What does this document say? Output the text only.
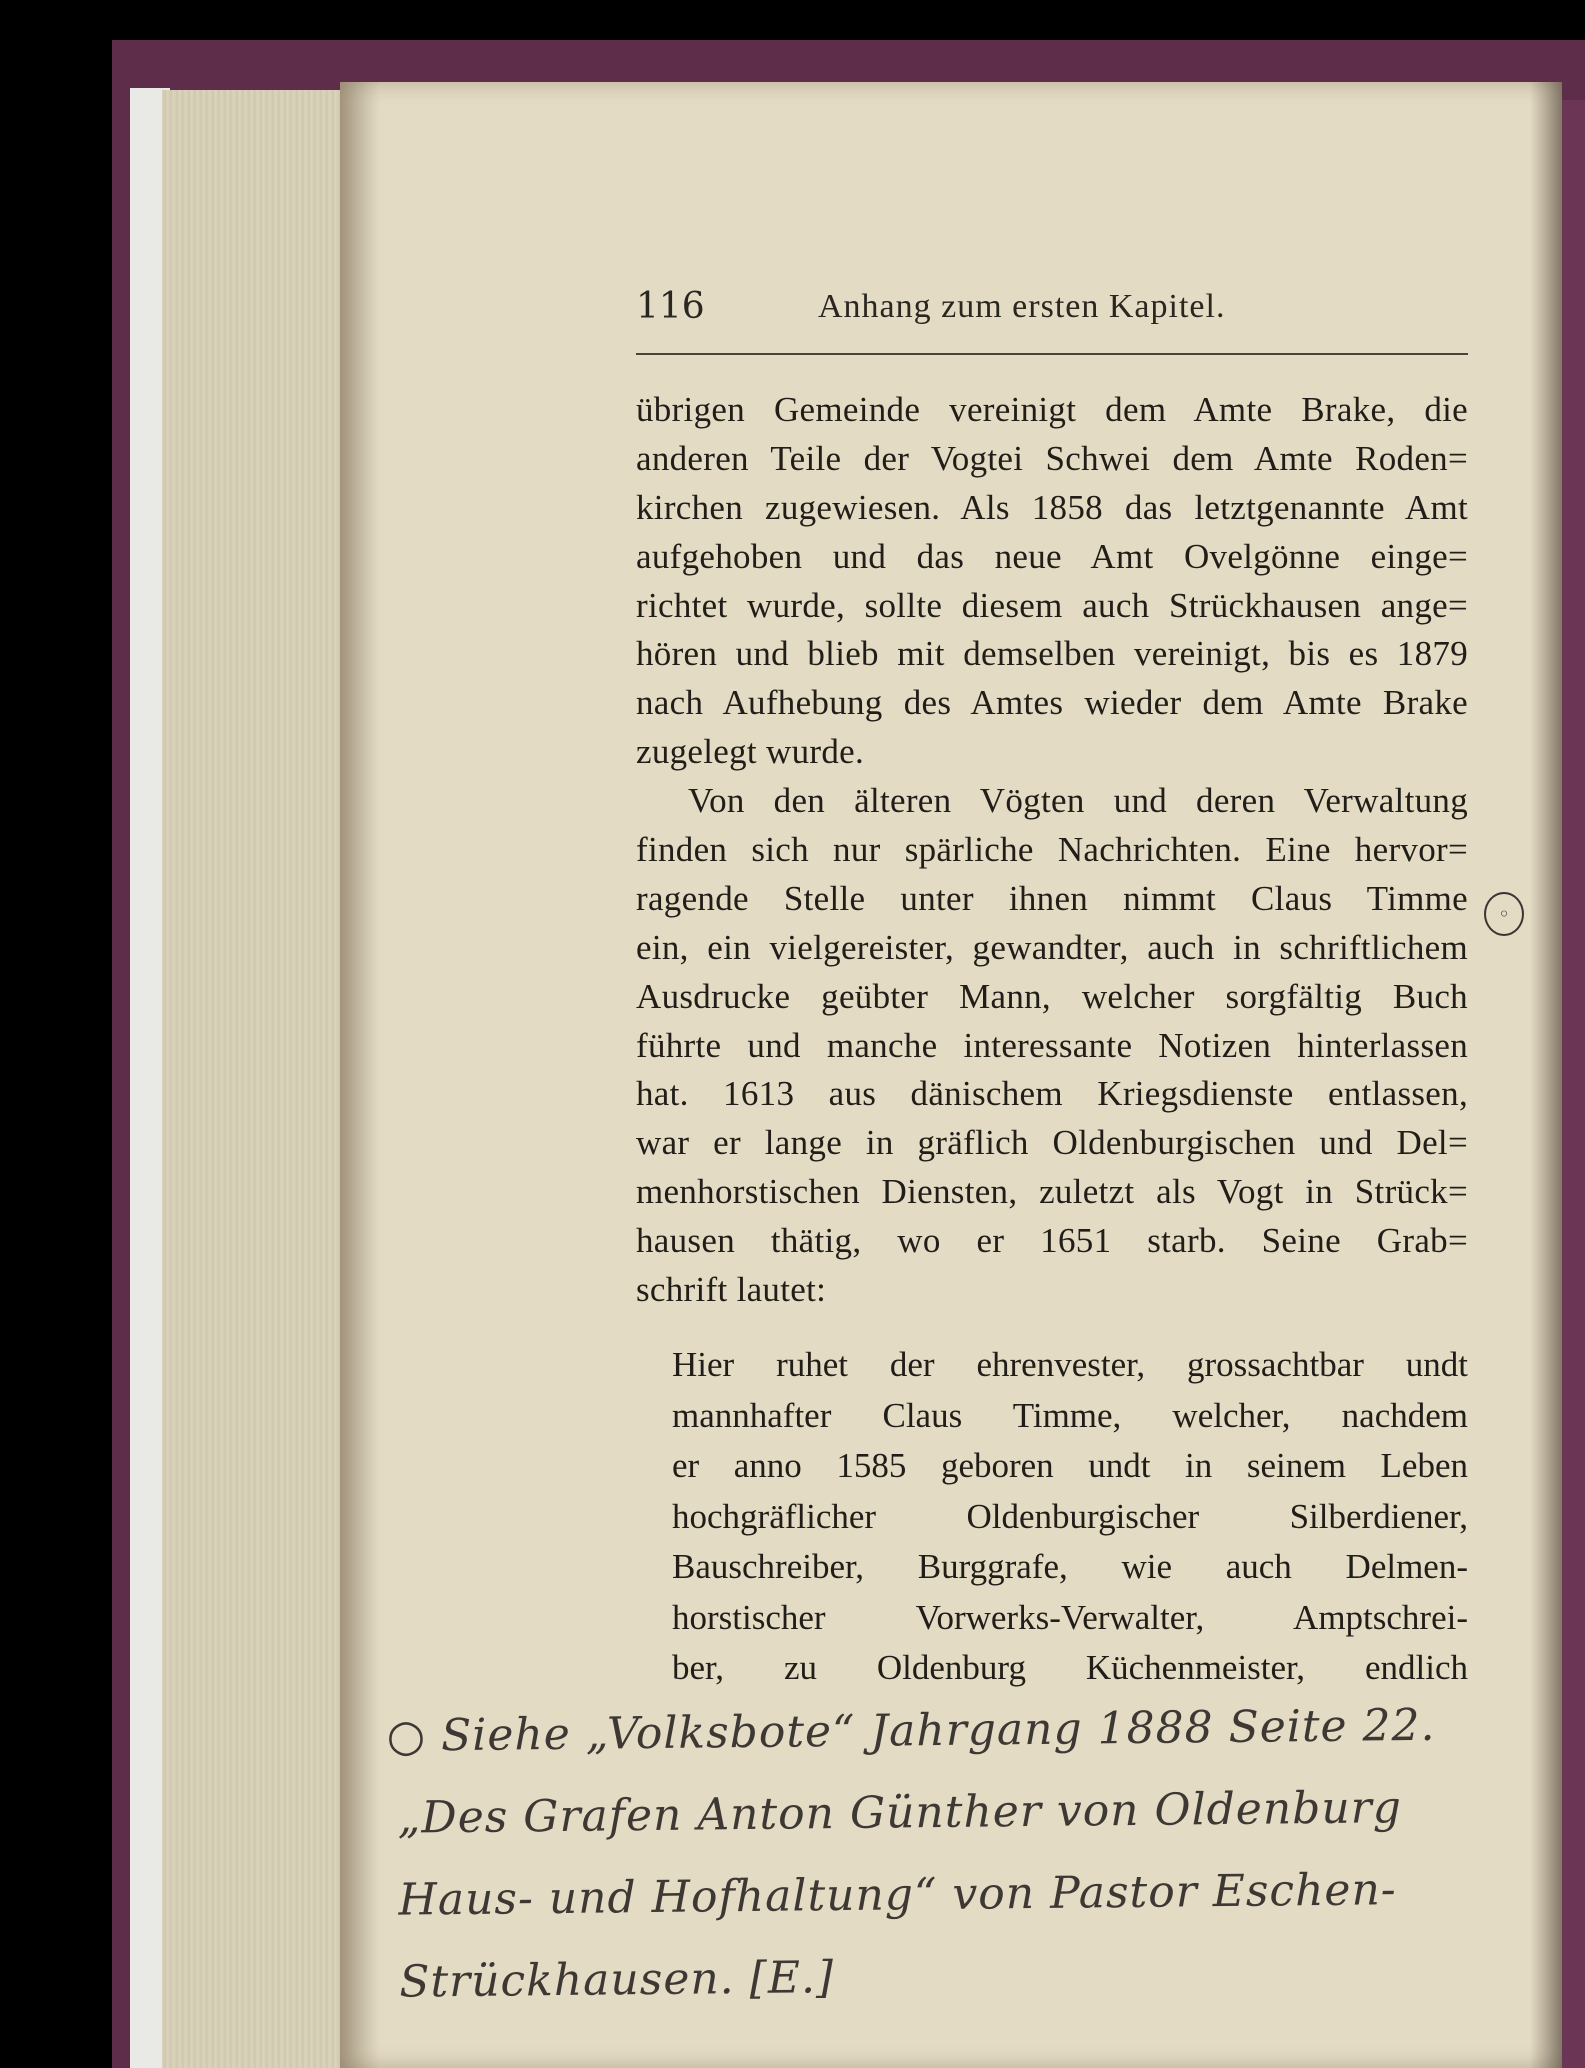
116	Anhang zum ersten Kapitel.
übrigen Gemeinde vereinigt dem Amte Brake, die
anderen Teile der Vogtei Schwei dem Amte Roden=
kirchen zugewiesen. Als 1858 das letztgenannte Amt
aufgehoben und das neue Amt Ovelgönne einge=
richtet wurde, sollte diesem auch Strückhausen ange=
hören und blieb mit demselben vereinigt, bis es 1879
nach Aufhebung des Amtes wieder dem Amte Brake
zugelegt wurde.
Von den älteren Vögten und deren Verwaltung
finden sich nur spärliche Nachrichten. Eine hervor=
ragende Stelle unter ihnen nimmt Claus Timme
ein, ein vielgereister, gewandter, auch in schriftlichem
Ausdrucke geübter Mann, welcher sorgfältig Buch
führte und manche interessante Notizen hinterlassen
hat. 1613 aus dänischem Kriegsdienste entlassen,
war er lange in gräflich Oldenburgischen und Del=
menhorstischen Diensten, zuletzt als Vogt in Strück=
hausen thätig, wo er 1651 starb. Seine Grab=
schrift lautet:
◦
Hier ruhet der ehrenvester, grossachtbar undt
mannhafter Claus Timme, welcher, nachdem
er anno 1585 geboren undt in seinem Leben
hochgräflicher Oldenburgischer Silberdiener,
Bauschreiber, Burggrafe, wie auch Delmen-
horstischer Vorwerks-Verwalter, Amptschrei-
ber, zu Oldenburg Küchenmeister, endlich
○ Siehe „Volksbote“ Jahrgang 1888 Seite 22.
„Des Grafen Anton Günther von Oldenburg
Haus- und Hofhaltung“ von Pastor Eschen-
Strückhausen. [E.]
